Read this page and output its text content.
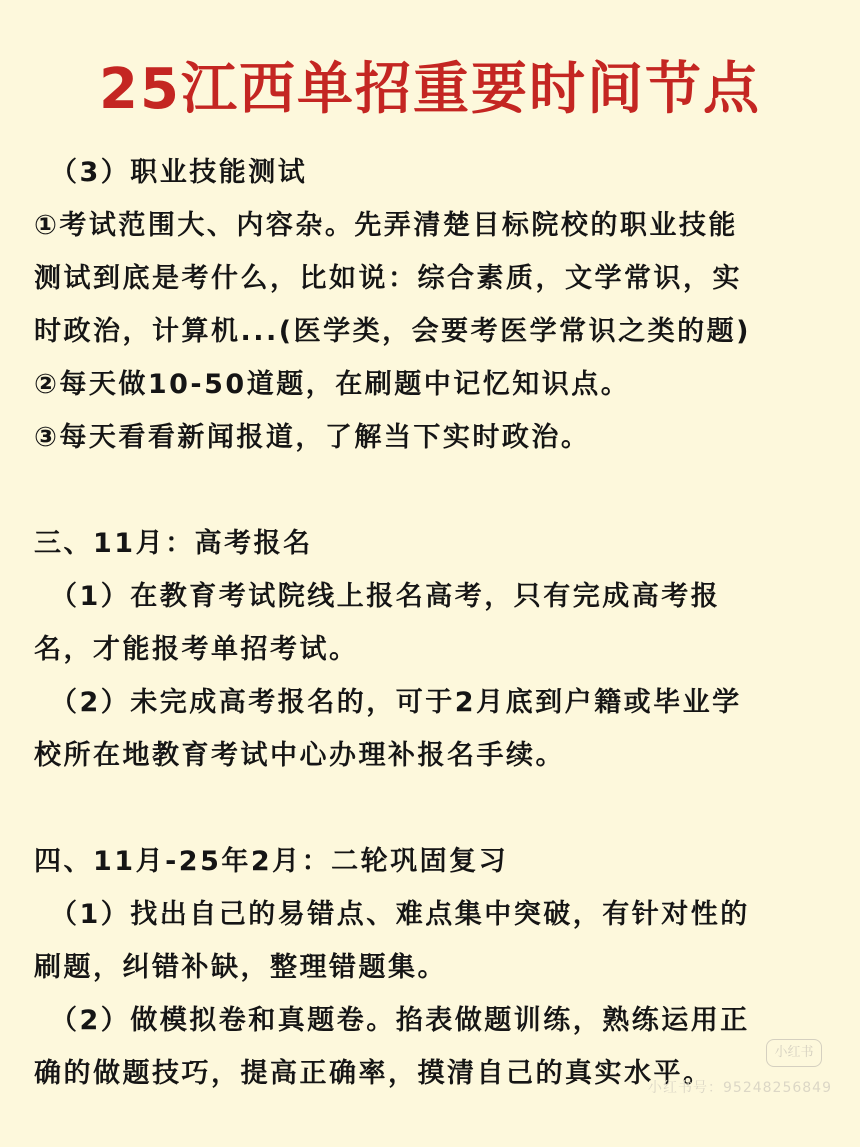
25江西单招重要时间节点
（3）职业技能测试
①考试范围大、内容杂。先弄清楚目标院校的职业技能
测试到底是考什么，比如说：综合素质，文学常识，实
时政治，计算机...(医学类，会要考医学常识之类的题)
②每天做10-50道题，在刷题中记忆知识点。
③每天看看新闻报道，了解当下实时政治。
三、11月：高考报名
（1）在教育考试院线上报名高考，只有完成高考报
名，才能报考单招考试。
（2）未完成高考报名的，可于2月底到户籍或毕业学
校所在地教育考试中心办理补报名手续。
四、11月-25年2月：二轮巩固复习
（1）找出自己的易错点、难点集中突破，有针对性的
刷题，纠错补缺，整理错题集。
（2）做模拟卷和真题卷。掐表做题训练，熟练运用正
确的做题技巧，提高正确率，摸清自己的真实水平。
小红书
小红书号：9524825684​9
